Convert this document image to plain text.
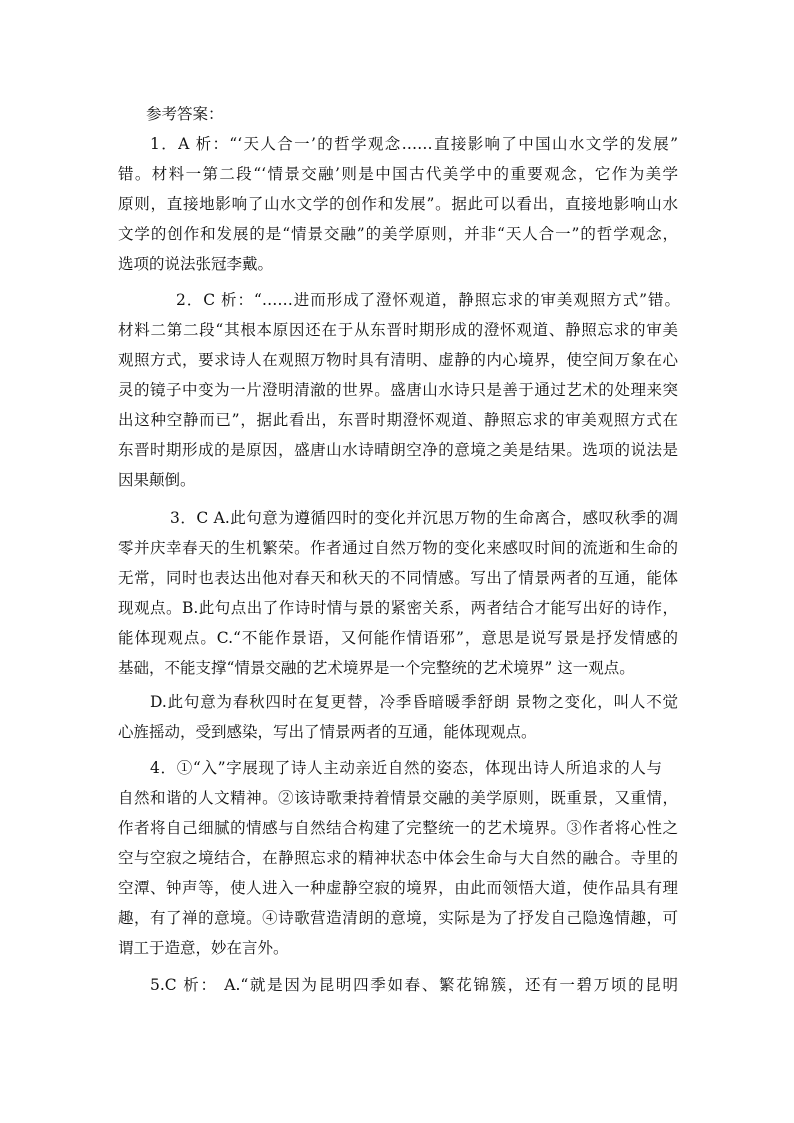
参考答案：
1．A 析：“‘天人合一’的哲学观念……直接影响了中国山水文学的发展”
错。材料一第二段“‘情景交融’则是中国古代美学中的重要观念，它作为美学
原则，直接地影响了山水文学的创作和发展”。据此可以看出，直接地影响山水
文学的创作和发展的是“情景交融”的美学原则，并非“天人合一”的哲学观念，
选项的说法张冠李戴。
2．C 析：“……进而形成了澄怀观道，静照忘求的审美观照方式”错。
材料二第二段“其根本原因还在于从东晋时期形成的澄怀观道、静照忘求的审美
观照方式，要求诗人在观照万物时具有清明、虚静的内心境界，使空间万象在心
灵的镜子中变为一片澄明清澈的世界。盛唐山水诗只是善于通过艺术的处理来突
出这种空静而已”，据此看出，东晋时期澄怀观道、静照忘求的审美观照方式在
东晋时期形成的是原因，盛唐山水诗晴朗空净的意境之美是结果。选项的说法是
因果颠倒。
3．C A.此句意为遵循四时的变化并沉思万物的生命离合，感叹秋季的凋
零并庆幸春天的生机繁荣。作者通过自然万物的变化来感叹时间的流逝和生命的
无常，同时也表达出他对春天和秋天的不同情感。写出了情景两者的互通，能体
现观点。B.此句点出了作诗时情与景的紧密关系，两者结合才能写出好的诗作，
能体现观点。C.“不能作景语，又何能作情语邪”，意思是说写景是抒发情感的
基础，不能支撑“情景交融的艺术境界是一个完整统的艺术境界” 这一观点。
D.此句意为春秋四时在复更替，冷季昏暗暖季舒朗 景物之变化，叫人不觉
心旌摇动，受到感染，写出了情景两者的互通，能体现观点。
4．①“入”字展现了诗人主动亲近自然的姿态，体现出诗人所追求的人与
自然和谐的人文精神。②该诗歌秉持着情景交融的美学原则，既重景，又重情，
作者将自己细腻的情感与自然结合构建了完整统一的艺术境界。③作者将心性之
空与空寂之境结合，在静照忘求的精神状态中体会生命与大自然的融合。寺里的
空潭、钟声等，使人进入一种虚静空寂的境界，由此而领悟大道，使作品具有理
趣，有了禅的意境。④诗歌营造清朗的意境，实际是为了抒发自己隐逸情趣，可
谓工于造意，妙在言外。
5.C 析： A.“就是因为昆明四季如春、繁花锦簇，还有一碧万顷的昆明
